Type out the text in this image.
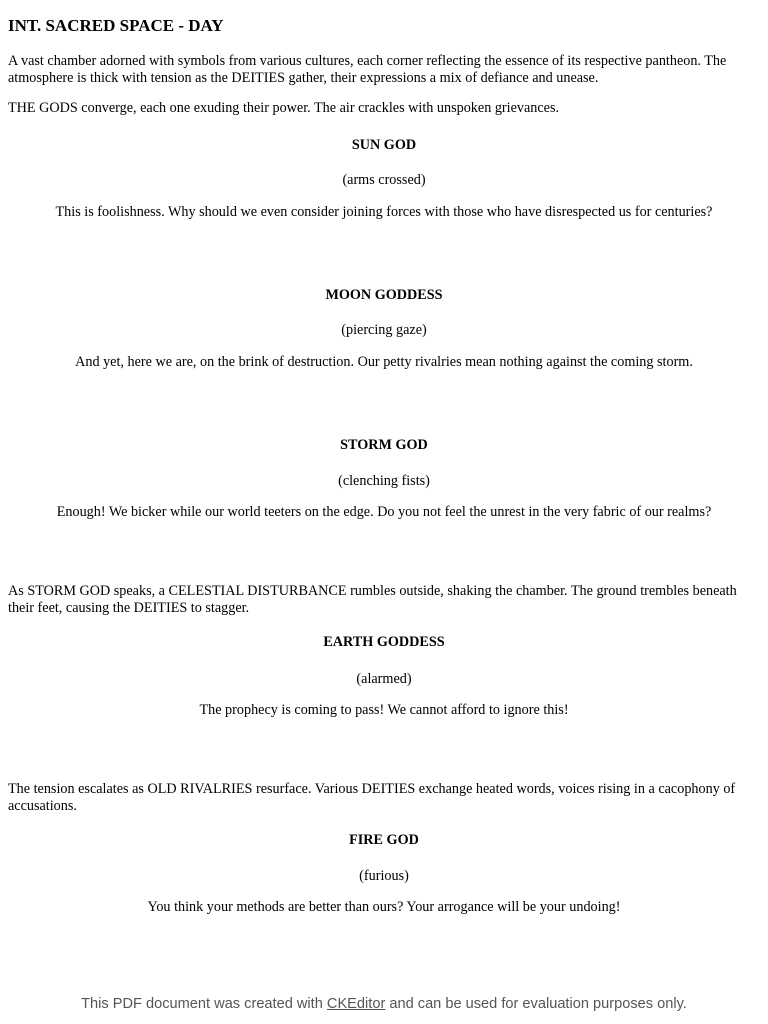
INT. SACRED SPACE - DAY

A vast chamber adorned with symbols from various cultures, each corner reflecting the essence of its respective pantheon. The atmosphere is thick with tension as the DEITIES gather, their expressions a mix of defiance and unease.

THE GODS converge, each one exuding their power. The air crackles with unspoken grievances.

SUN GOD

(arms crossed)

This is foolishness. Why should we even consider joining forces with those who have disrespected us for centuries?

MOON GODDESS

(piercing gaze)

And yet, here we are, on the brink of destruction. Our petty rivalries mean nothing against the coming storm.

STORM GOD

(clenching fists)

Enough! We bicker while our world teeters on the edge. Do you not feel the unrest in the very fabric of our realms?

As STORM GOD speaks, a CELESTIAL DISTURBANCE rumbles outside, shaking the chamber. The ground trembles beneath their feet, causing the DEITIES to stagger.

EARTH GODDESS

(alarmed)

The prophecy is coming to pass! We cannot afford to ignore this!

The tension escalates as OLD RIVALRIES resurface. Various DEITIES exchange heated words, voices rising in a cacophony of accusations.

FIRE GOD

(furious)

You think your methods are better than ours? Your arrogance will be your undoing!

This PDF document was created with CKEditor and can be used for evaluation purposes only.
